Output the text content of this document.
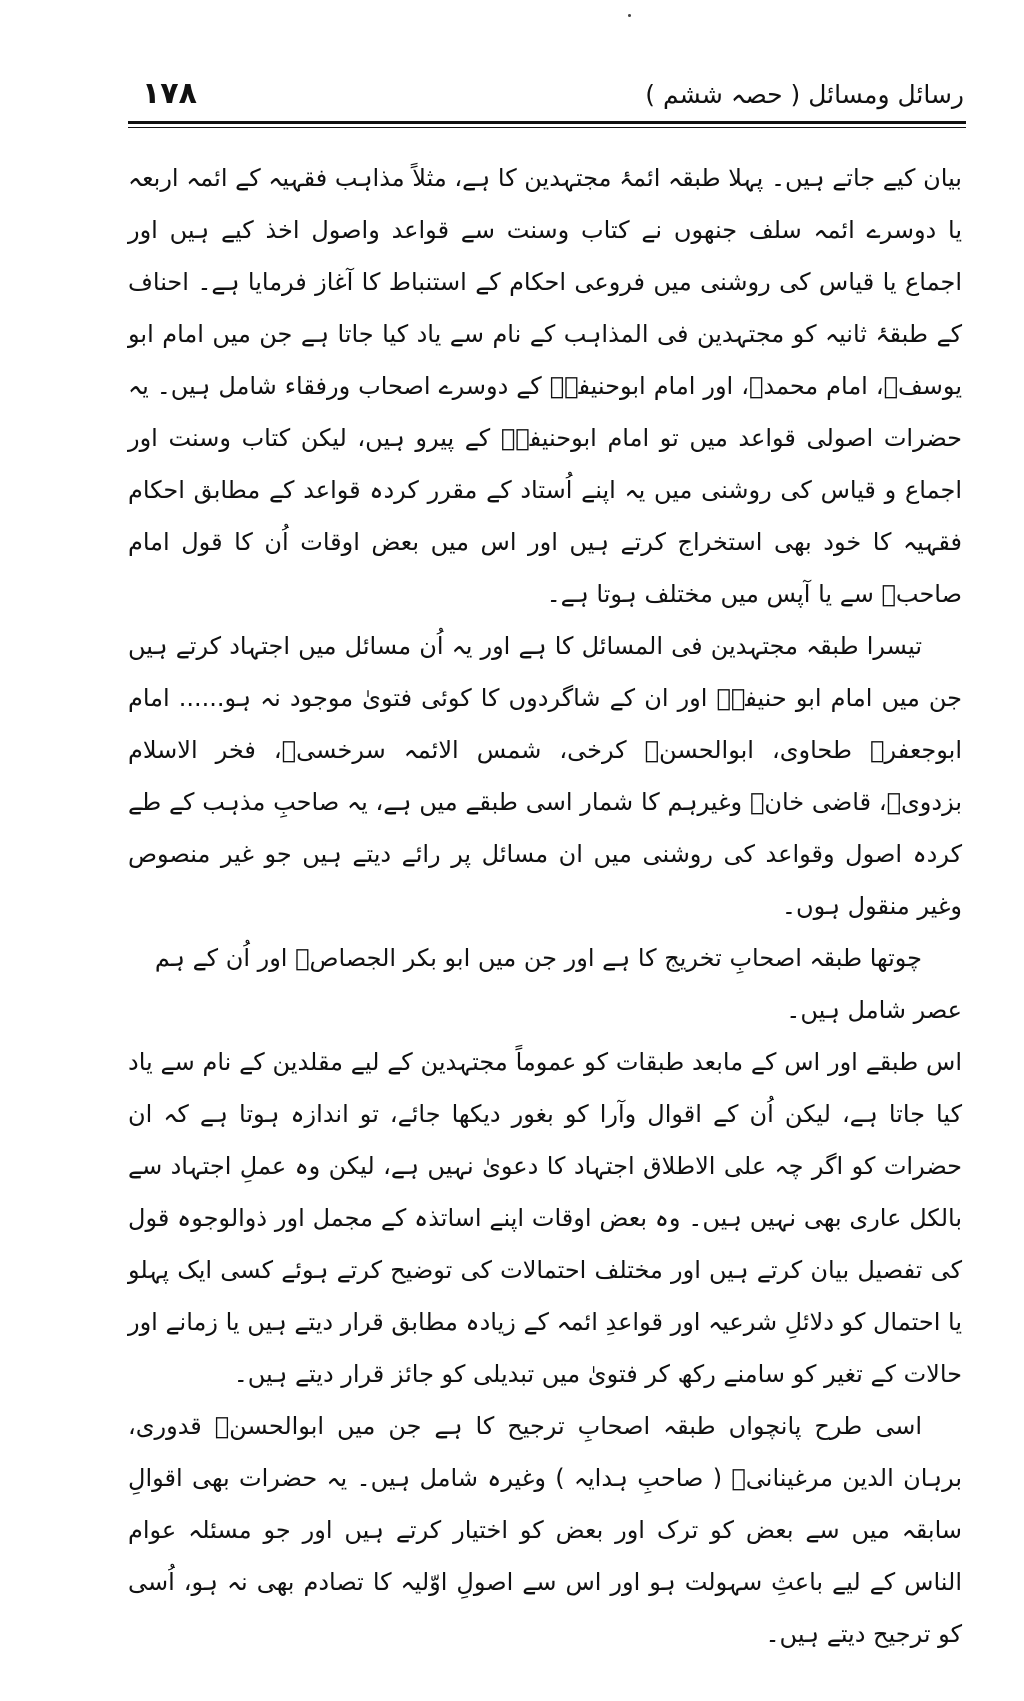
رسائل ومسائل ( حصہ ششم )
۱۷۸

بیان کیے جاتے ہیں۔ پہلا طبقہ ائمۂ مجتہدین کا ہے، مثلاً مذاہب فقہیہ کے ائمہ اربعہ یا دوسرے ائمہ سلف جنھوں نے کتاب وسنت سے قواعد واصول اخذ کیے ہیں اور اجماع یا قیاس کی روشنی میں فروعی احکام کے استنباط کا آغاز فرمایا ہے۔ احناف کے طبقۂ ثانیہ کو مجتہدین فی المذاہب کے نام سے یاد کیا جاتا ہے جن میں امام ابو یوسفؒ، امام محمدؒ، اور امام ابوحنیفہؒ کے دوسرے اصحاب ورفقاء شامل ہیں۔ یہ حضرات اصولی قواعد میں تو امام ابوحنیفہؒ کے پیرو ہیں، لیکن کتاب وسنت اور اجماع و قیاس کی روشنی میں یہ اپنے اُستاد کے مقرر کردہ قواعد کے مطابق احکام فقہیہ کا خود بھی استخراج کرتے ہیں اور اس میں بعض اوقات اُن کا قول امام صاحبؒ سے یا آپس میں مختلف ہوتا ہے۔

تیسرا طبقہ مجتہدین فی المسائل کا ہے اور یہ اُن مسائل میں اجتہاد کرتے ہیں جن میں امام ابو حنیفہؒ اور ان کے شاگردوں کا کوئی فتویٰ موجود نہ ہو...... امام ابوجعفرؒ طحاوی، ابوالحسنؒ کرخی، شمس الائمہ سرخسیؒ، فخر الاسلام بزدویؒ، قاضی خانؒ وغیرہم کا شمار اسی طبقے میں ہے، یہ صاحبِ مذہب کے طے کردہ اصول وقواعد کی روشنی میں ان مسائل پر رائے دیتے ہیں جو غیر منصوص وغیر منقول ہوں۔

چوتھا طبقہ اصحابِ تخریج کا ہے اور جن میں ابو بکر الجصاصؒ اور اُن کے ہم عصر شامل ہیں۔

اس طبقے اور اس کے مابعد طبقات کو عموماً مجتہدین کے لیے مقلدین کے نام سے یاد کیا جاتا ہے، لیکن اُن کے اقوال وآرا کو بغور دیکھا جائے، تو اندازہ ہوتا ہے کہ ان حضرات کو اگر چہ علی الاطلاق اجتہاد کا دعویٰ نہیں ہے، لیکن وہ عملِ اجتہاد سے بالکل عاری بھی نہیں ہیں۔ وہ بعض اوقات اپنے اساتذہ کے مجمل اور ذوالوجوہ قول کی تفصیل بیان کرتے ہیں اور مختلف احتمالات کی توضیح کرتے ہوئے کسی ایک پہلو یا احتمال کو دلائلِ شرعیہ اور قواعدِ ائمہ کے زیادہ مطابق قرار دیتے ہیں یا زمانے اور حالات کے تغیر کو سامنے رکھ کر فتویٰ میں تبدیلی کو جائز قرار دیتے ہیں۔

اسی طرح پانچواں طبقہ اصحابِ ترجیح کا ہے جن میں ابوالحسنؒ قدوری، برہان الدین مرغینانیؒ ( صاحبِ ہدایہ ) وغیرہ شامل ہیں۔ یہ حضرات بھی اقوالِ سابقہ میں سے بعض کو ترک اور بعض کو اختیار کرتے ہیں اور جو مسئلہ عوام الناس کے لیے باعثِ سہولت ہو اور اس سے اصولِ اوّلیہ کا تصادم بھی نہ ہو، اُسی کو ترجیح دیتے ہیں۔
